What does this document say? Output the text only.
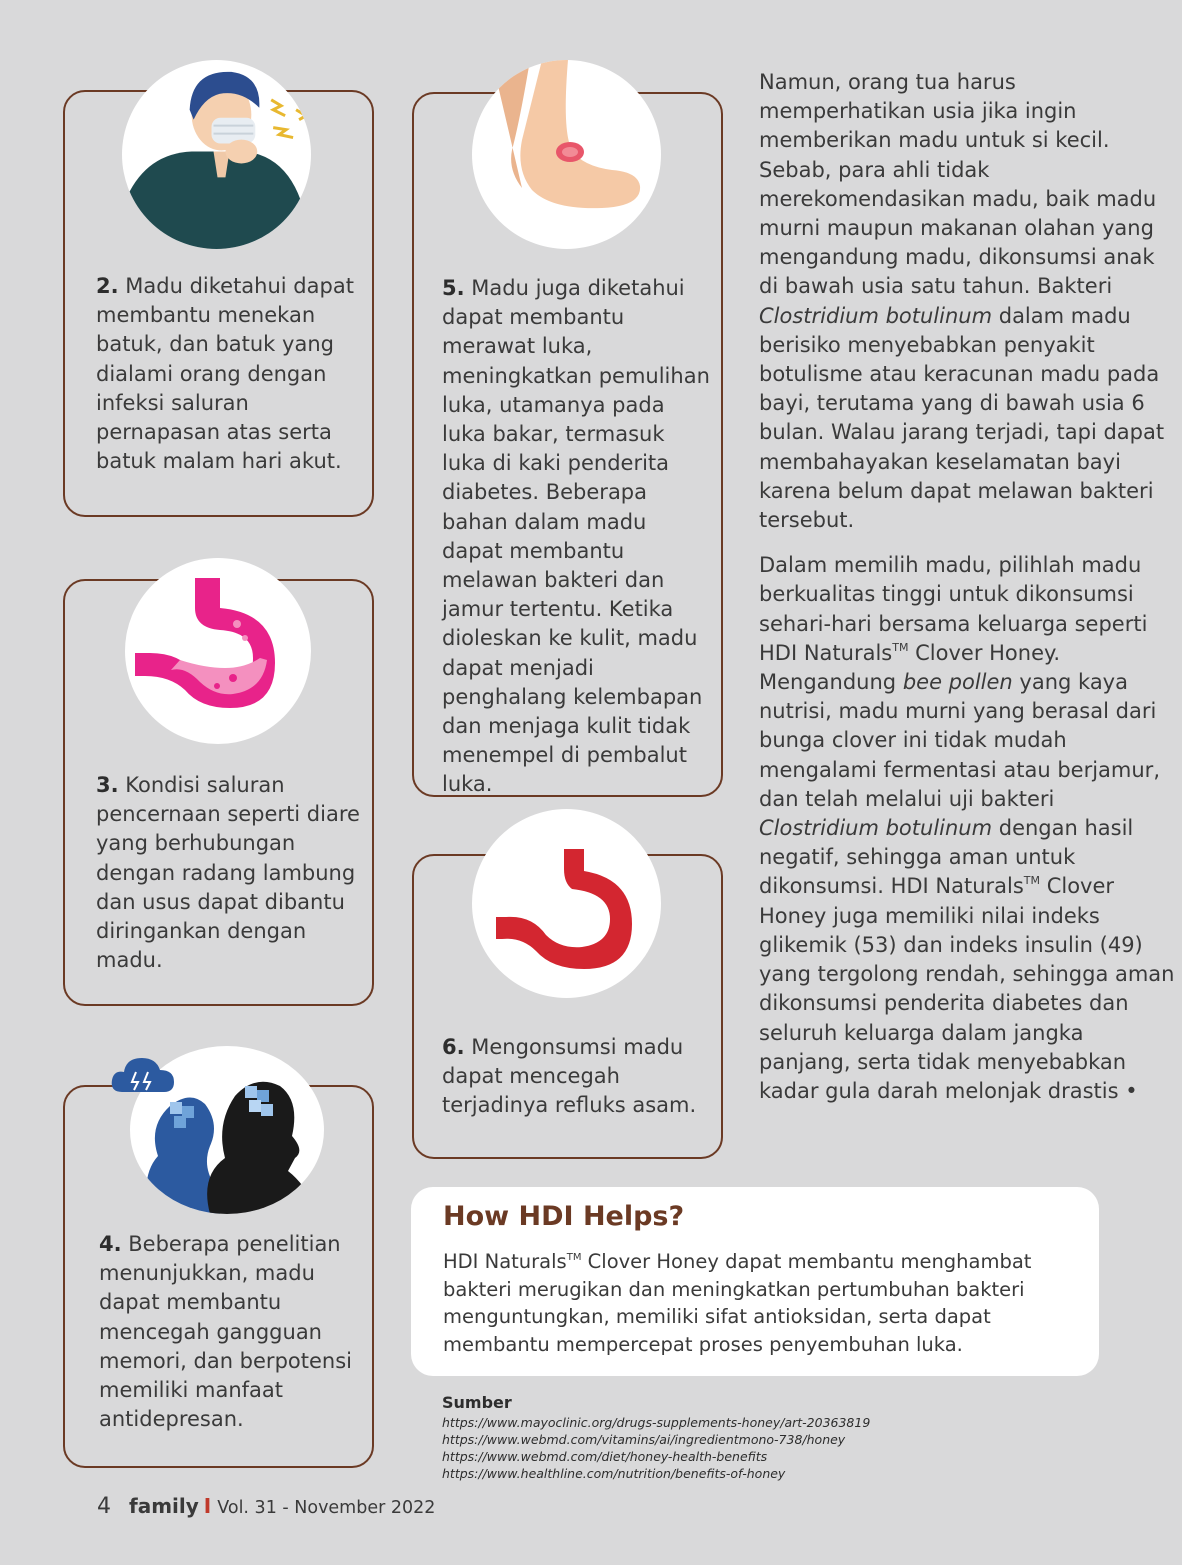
2. Madu diketahui dapat membantu menekan batuk, dan batuk yang dialami orang dengan infeksi saluran pernapasan atas serta batuk malam hari akut.
3. Kondisi saluran pencernaan seperti diare yang berhubungan dengan radang lambung dan usus dapat dibantu diringankan dengan madu.
4. Beberapa penelitian menunjukkan, madu dapat membantu mencegah gangguan memori, dan berpotensi memiliki manfaat antidepresan.
5. Madu juga diketahui dapat membantu merawat luka, meningkatkan pemulihan luka, utamanya pada luka bakar, termasuk luka di kaki penderita diabetes. Beberapa bahan dalam madu dapat membantu melawan bakteri dan jamur tertentu. Ketika dioleskan ke kulit, madu dapat menjadi penghalang kelembapan dan menjaga kulit tidak menempel di pembalut luka.
6. Mengonsumsi madu dapat mencegah terjadinya refluks asam.

Namun, orang tua harus memperhatikan usia jika ingin memberikan madu untuk si kecil. Sebab, para ahli tidak merekomendasikan madu, baik madu murni maupun makanan olahan yang mengandung madu, dikonsumsi anak di bawah usia satu tahun. Bakteri Clostridium botulinum dalam madu berisiko menyebabkan penyakit botulisme atau keracunan madu pada bayi, terutama yang di bawah usia 6 bulan. Walau jarang terjadi, tapi dapat membahayakan keselamatan bayi karena belum dapat melawan bakteri tersebut.

Dalam memilih madu, pilihlah madu berkualitas tinggi untuk dikonsumsi sehari-hari bersama keluarga seperti HDI Naturals™ Clover Honey. Mengandung bee pollen yang kaya nutrisi, madu murni yang berasal dari bunga clover ini tidak mudah mengalami fermentasi atau berjamur, dan telah melalui uji bakteri Clostridium botulinum dengan hasil negatif, sehingga aman untuk dikonsumsi. HDI Naturals™ Clover Honey juga memiliki nilai indeks glikemik (53) dan indeks insulin (49) yang tergolong rendah, sehingga aman dikonsumsi penderita diabetes dan seluruh keluarga dalam jangka panjang, serta tidak menyebabkan kadar gula darah melonjak drastis •

How HDI Helps?
HDI Naturals™ Clover Honey dapat membantu menghambat bakteri merugikan dan meningkatkan pertumbuhan bakteri menguntungkan, memiliki sifat antioksidan, serta dapat membantu mempercepat proses penyembuhan luka.
Sumber
https://www.mayoclinic.org/drugs-supplements-honey/art-20363819
https://www.webmd.com/vitamins/ai/ingredientmono-738/honey
https://www.webmd.com/diet/honey-health-benefits
https://www.healthline.com/nutrition/benefits-of-honey
4 family I Vol. 31 - November 2022
